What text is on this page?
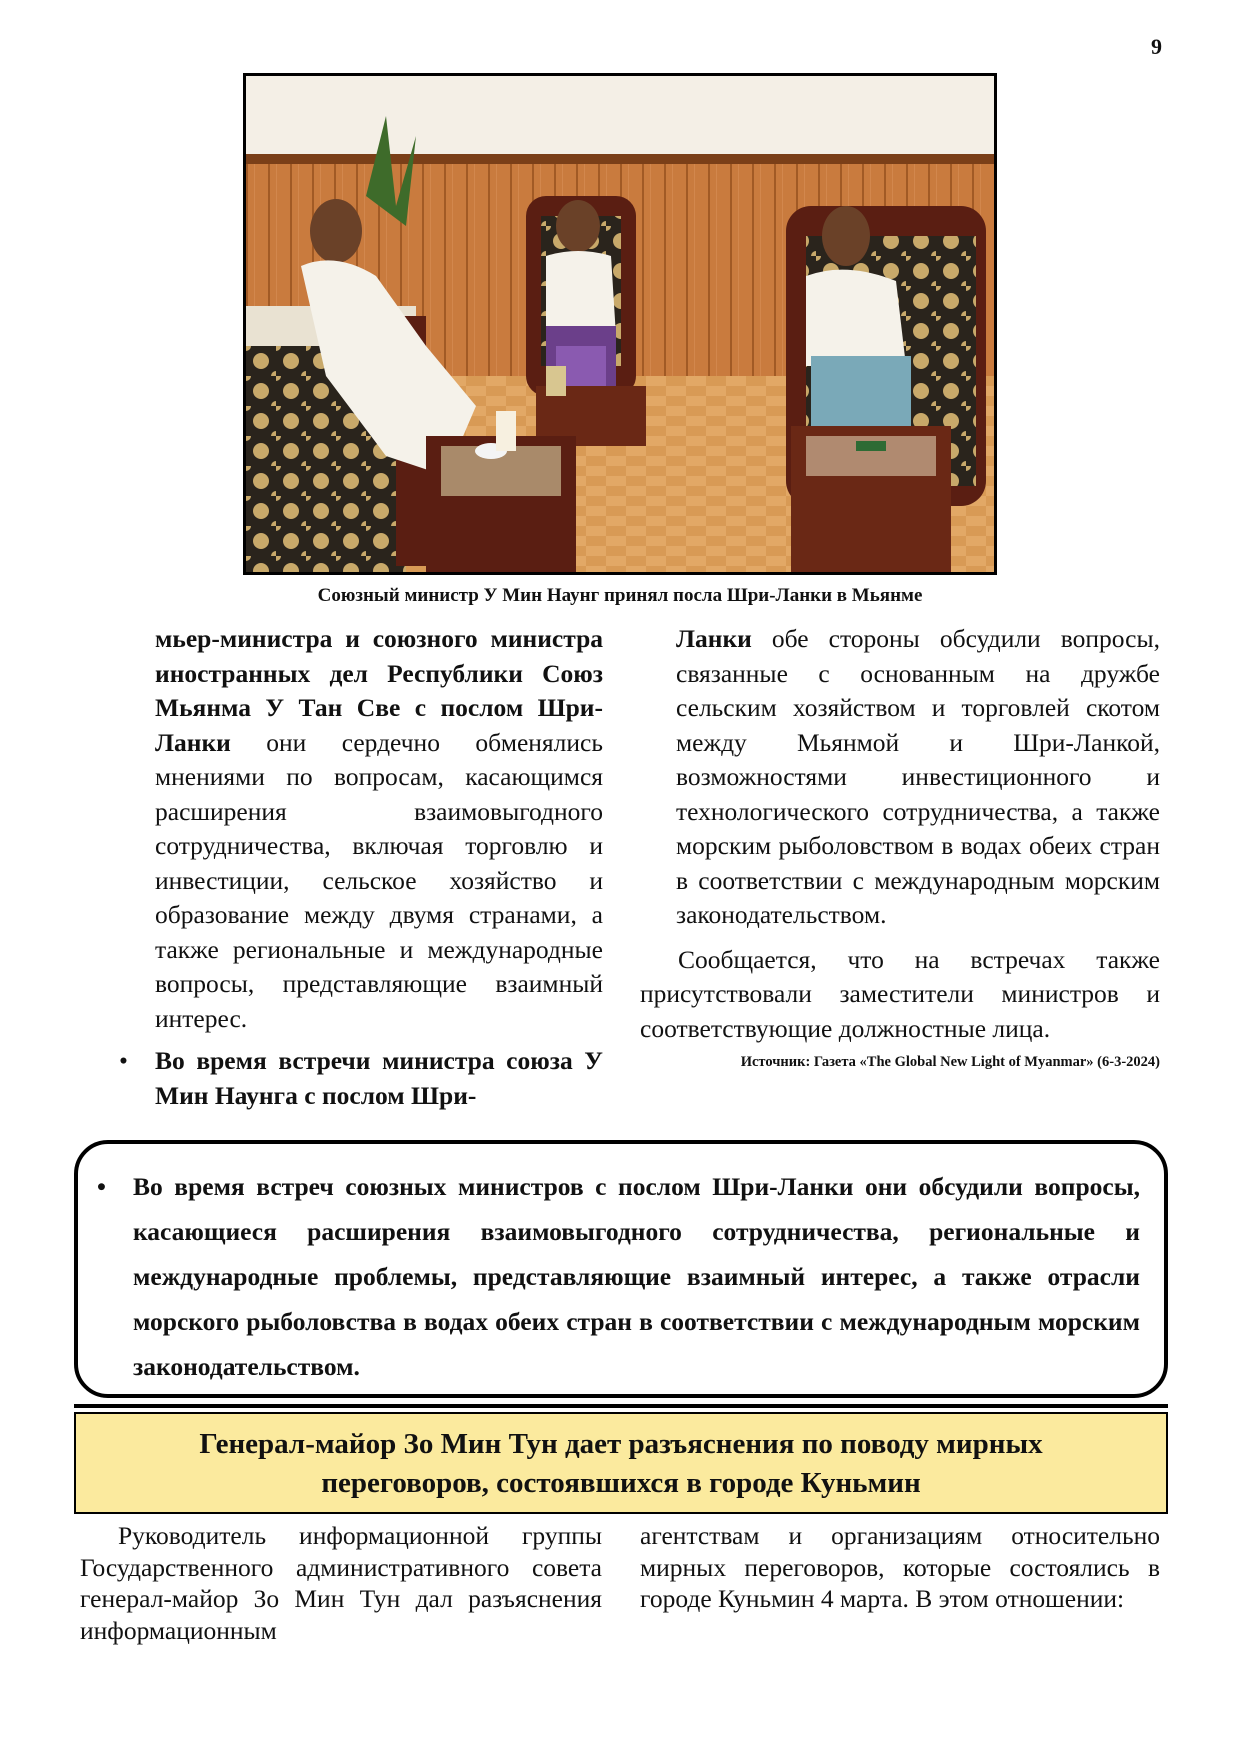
9
Союзный министр У Мин Наунг принял посла Шри-Ланки в Мьянме

мьер-министра и союзного министра иностранных дел Республики Союз Мьянма У Тан Све с послом Шри-Ланки они сердечно обменялись мнениями по вопросам, касающимся расширения взаимовыгодного сотрудничества, включая торговлю и инвестиции, сельское хозяйство и образование между двумя странами, а также региональные и международные вопросы, представляющие взаимный интерес.

• Во время встречи министра союза У Мин Наунга с послом Шри-

Ланки обе стороны обсудили вопросы, связанные с основанным на дружбе сельским хозяйством и торговлей скотом между Мьянмой и Шри-Ланкой, возможностями инвестиционного и технологического сотрудничества, а также морским рыболовством в водах обеих стран в соответствии с международным морским законодательством.

Сообщается, что на встречах также присутствовали заместители министров и соответствующие должностные лица.

Источник: Газета «The Global New Light of Myanmar» (6-3-2024)

• Во время встреч союзных министров с послом Шри-Ланки они обсудили вопросы, касающиеся расширения взаимовыгодного сотрудничества, региональные и международные проблемы, представляющие взаимный интерес, а также отрасли морского рыболовства в водах обеих стран в соответствии с международным морским законодательством.

Генерал-майор Зо Мин Тун дает разъяснения по поводу мирных
переговоров, состоявшихся в городе Куньмин

Руководитель информационной группы Государственного административного совета генерал-майор Зо Мин Тун дал разъяснения информационным

агентствам и организациям относительно мирных переговоров, которые состоялись в городе Куньмин 4 марта. В этом отношении:
